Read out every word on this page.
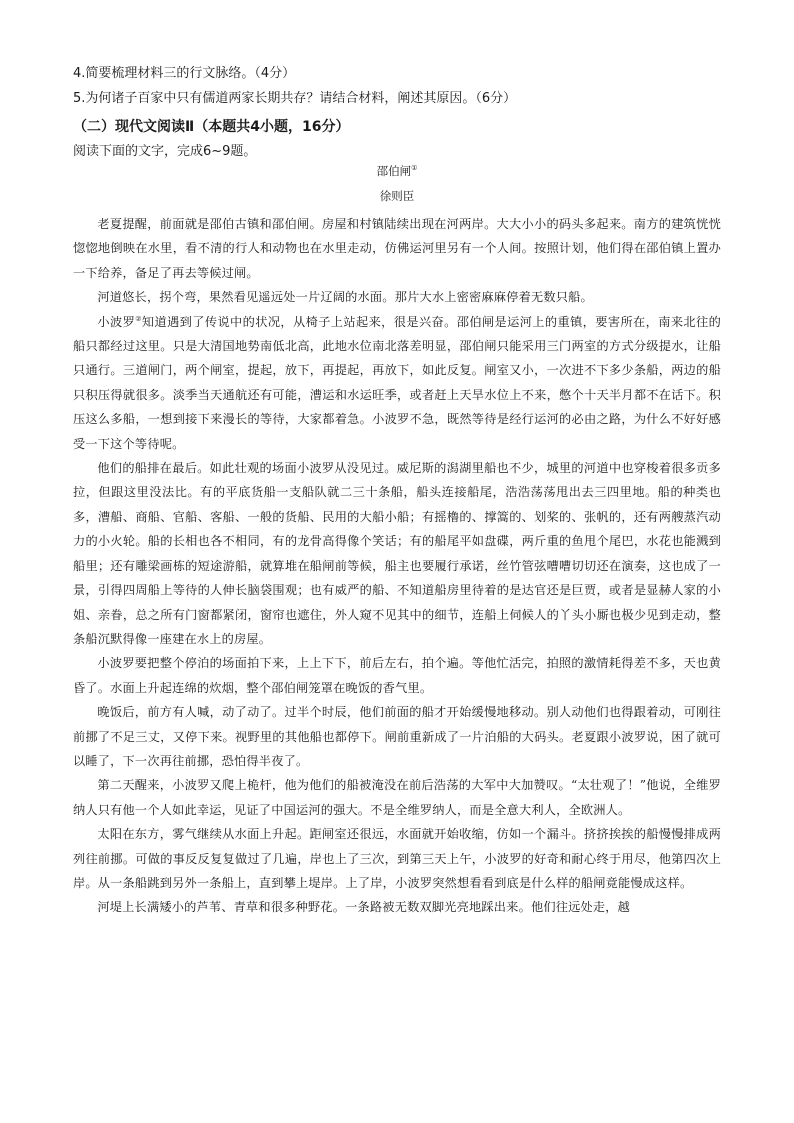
4.简要梳理材料三的行文脉络。（4分）
5.为何诸子百家中只有儒道两家长期共存？请结合材料，阐述其原因。（6分）
（二）现代文阅读Ⅱ（本题共4小题，16分）
阅读下面的文字，完成6~9题。
邵伯闸①
徐则臣

老夏提醒，前面就是邵伯古镇和邵伯闸。房屋和村镇陆续出现在河两岸。大大小小的码头多起来。南方的建筑恍恍惚惚地倒映在水里，看不清的行人和动物也在水里走动，仿佛运河里另有一个人间。按照计划，他们得在邵伯镇上置办一下给养，备足了再去等候过闸。

河道悠长，拐个弯，果然看见遥远处一片辽阔的水面。那片大水上密密麻麻停着无数只船。

小波罗②知道遇到了传说中的状况，从椅子上站起来，很是兴奋。邵伯闸是运河上的重镇，要害所在，南来北往的船只都经过这里。只是大清国地势南低北高，此地水位南北落差明显，邵伯闸只能采用三门两室的方式分级提水，让船只通行。三道闸门，两个闸室，提起，放下，再提起，再放下，如此反复。闸室又小，一次进不下多少条船，两边的船只积压得就很多。淡季当天通航还有可能，漕运和水运旺季，或者赶上天旱水位上不来，憋个十天半月都不在话下。积压这么多船，一想到接下来漫长的等待，大家都着急。小波罗不急，既然等待是经行运河的必由之路，为什么不好好感受一下这个等待呢。

他们的船排在最后。如此壮观的场面小波罗从没见过。威尼斯的潟湖里船也不少，城里的河道中也穿梭着很多贡多拉，但跟这里没法比。有的平底货船一支船队就二三十条船，船头连接船尾，浩浩荡荡甩出去三四里地。船的种类也多，漕船、商船、官船、客船、一般的货船、民用的大船小船；有摇橹的、撑篙的、划桨的、张帆的，还有两艘蒸汽动力的小火轮。船的长相也各不相同，有的龙骨高得像个笑话；有的船尾平如盘碟，两斤重的鱼甩个尾巴，水花也能溅到船里；还有雕梁画栋的短途游船，就算堆在船闸前等候，船主也要履行承诺，丝竹管弦嘈嘈切切还在演奏，这也成了一景，引得四周船上等待的人伸长脑袋围观；也有威严的船、不知道船房里待着的是达官还是巨贾，或者是显赫人家的小姐、亲眷，总之所有门窗都紧闭，窗帘也遮住，外人窥不见其中的细节，连船上伺候人的丫头小厮也极少见到走动，整条船沉默得像一座建在水上的房屋。

小波罗要把整个停泊的场面拍下来，上上下下，前后左右，拍个遍。等他忙活完，拍照的激情耗得差不多，天也黄昏了。水面上升起连绵的炊烟，整个邵伯闸笼罩在晚饭的香气里。

晚饭后，前方有人喊，动了动了。过半个时辰，他们前面的船才开始缓慢地移动。别人动他们也得跟着动，可刚往前挪了不足三丈，又停下来。视野里的其他船也都停下。闸前重新成了一片泊船的大码头。老夏跟小波罗说，困了就可以睡了，下一次再往前挪，恐怕得半夜了。

第二天醒来，小波罗又爬上桅杆，他为他们的船被淹没在前后浩荡的大军中大加赞叹。“太壮观了！”他说，全维罗纳人只有他一个人如此幸运，见证了中国运河的强大。不是全维罗纳人，而是全意大利人，全欧洲人。

太阳在东方，雾气继续从水面上升起。距闸室还很远，水面就开始收缩，仿如一个漏斗。挤挤挨挨的船慢慢排成两列往前挪。可做的事反反复复做过了几遍，岸也上了三次，到第三天上午，小波罗的好奇和耐心终于用尽，他第四次上岸。从一条船跳到另外一条船上，直到攀上堤岸。上了岸，小波罗突然想看看到底是什么样的船闸竟能慢成这样。

河堤上长满矮小的芦苇、青草和很多种野花。一条路被无数双脚光亮地踩出来。他们往远处走，越
